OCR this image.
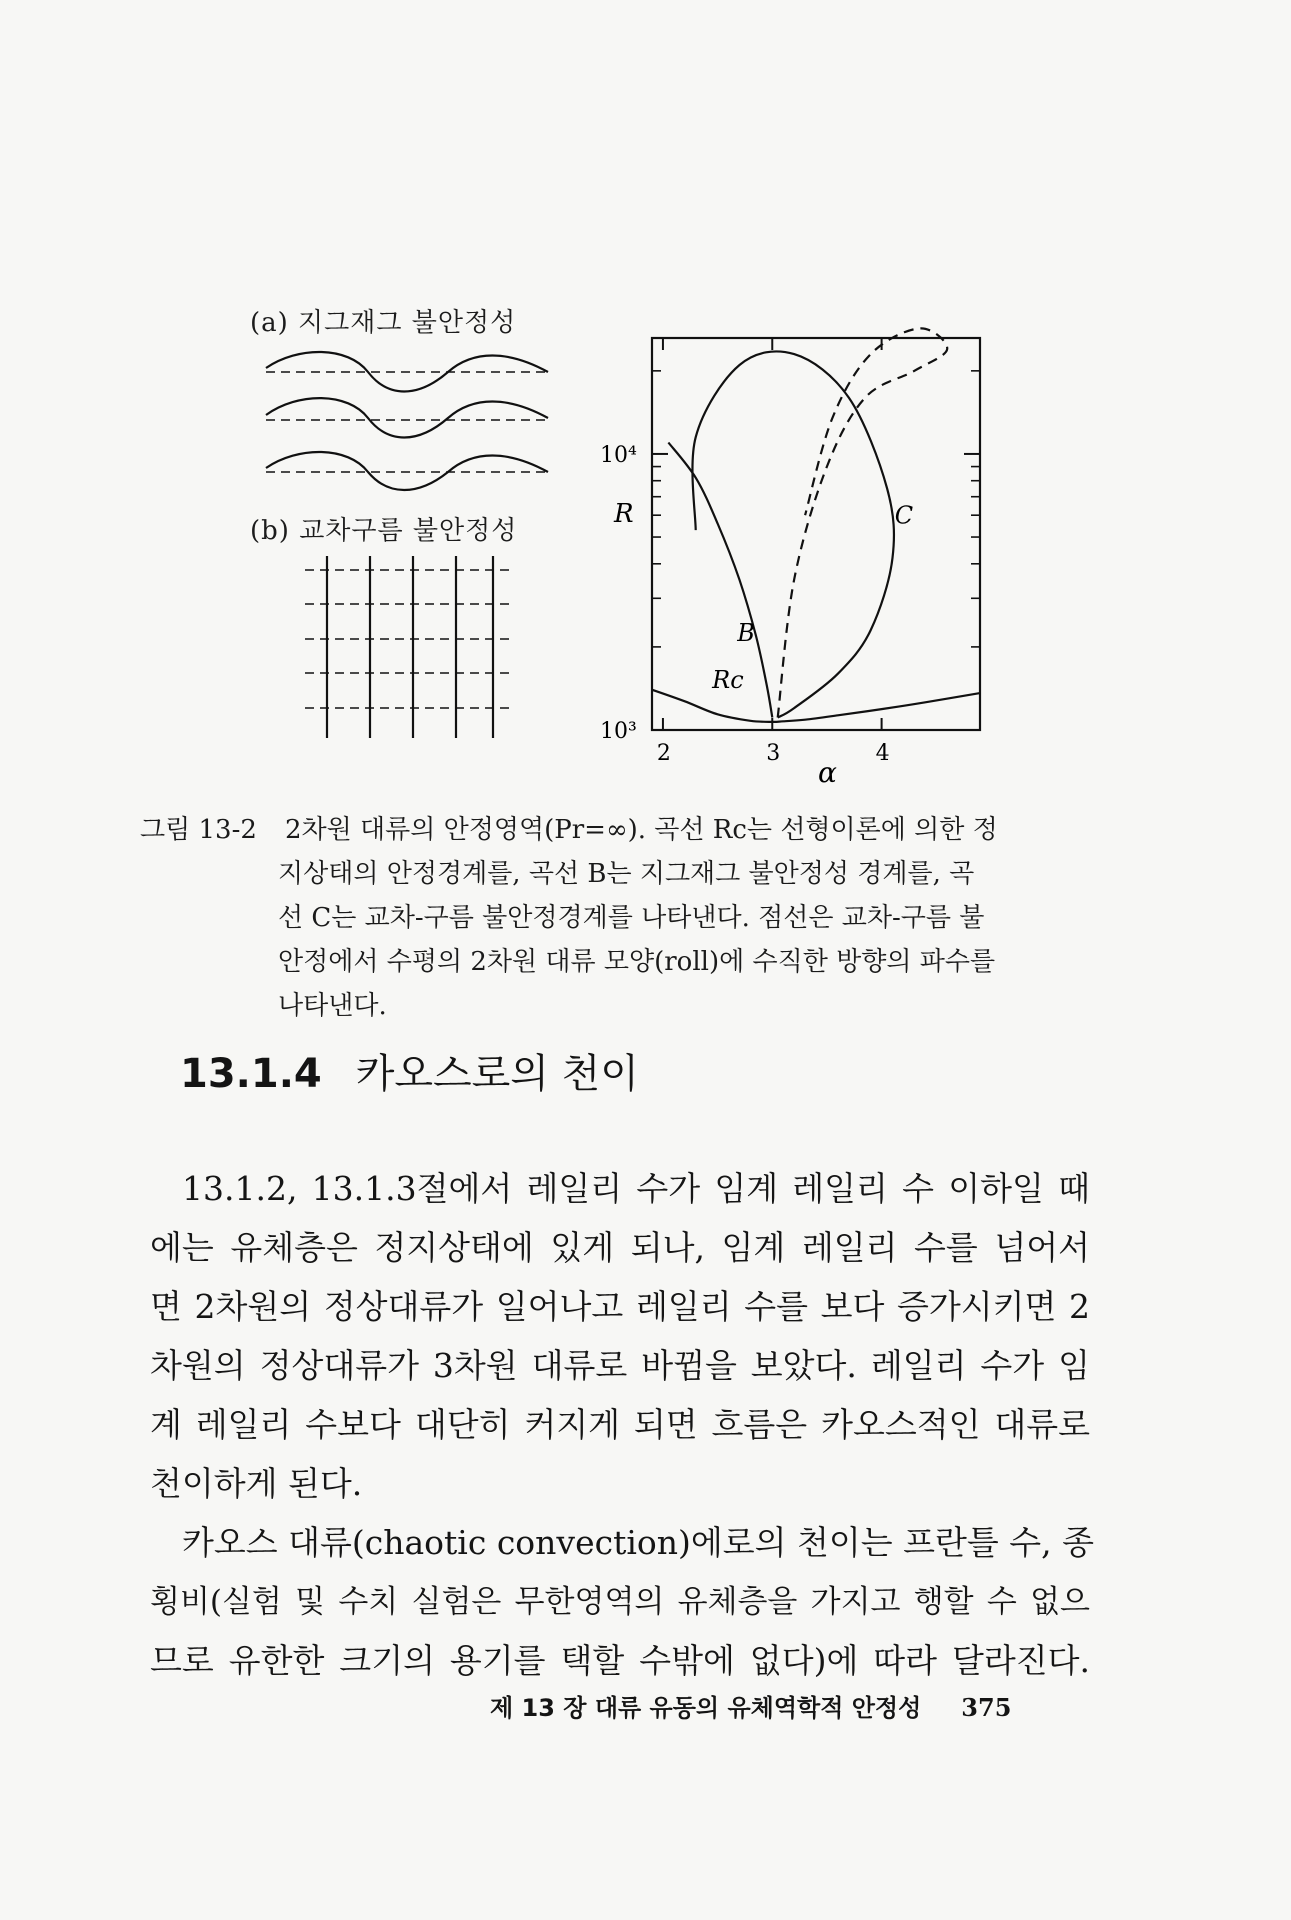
(a) 지그재그 불안정성
(b) 교차구름 불안정성
R
α
2	3	4
10³
10⁴
B
C
Rc
그림 13-2 2차원 대류의 안정영역(Pr=∞). 곡선 Rc는 선형이론에 의한 정
지상태의 안정경계를, 곡선 B는 지그재그 불안정성 경계를, 곡
선 C는 교차-구름 불안정경계를 나타낸다. 점선은 교차-구름 불
안정에서 수평의 2차원 대류 모양(roll)에 수직한 방향의 파수를
나타낸다.
13.1.4 카오스로의 천이
13.1.2, 13.1.3절에서 레일리 수가 임계 레일리 수 이하일 때
에는 유체층은 정지상태에 있게 되나, 임계 레일리 수를 넘어서
면 2차원의 정상대류가 일어나고 레일리 수를 보다 증가시키면 2
차원의 정상대류가 3차원 대류로 바뀜을 보았다. 레일리 수가 임
계 레일리 수보다 대단히 커지게 되면 흐름은 카오스적인 대류로
천이하게 된다.
카오스 대류(chaotic convection)에로의 천이는 프란틀 수, 종
횡비(실험 및 수치 실험은 무한영역의 유체층을 가지고 행할 수 없으
므로 유한한 크기의 용기를 택할 수밖에 없다)에 따라 달라진다.
제 13 장 대류 유동의 유체역학적 안정성 375
